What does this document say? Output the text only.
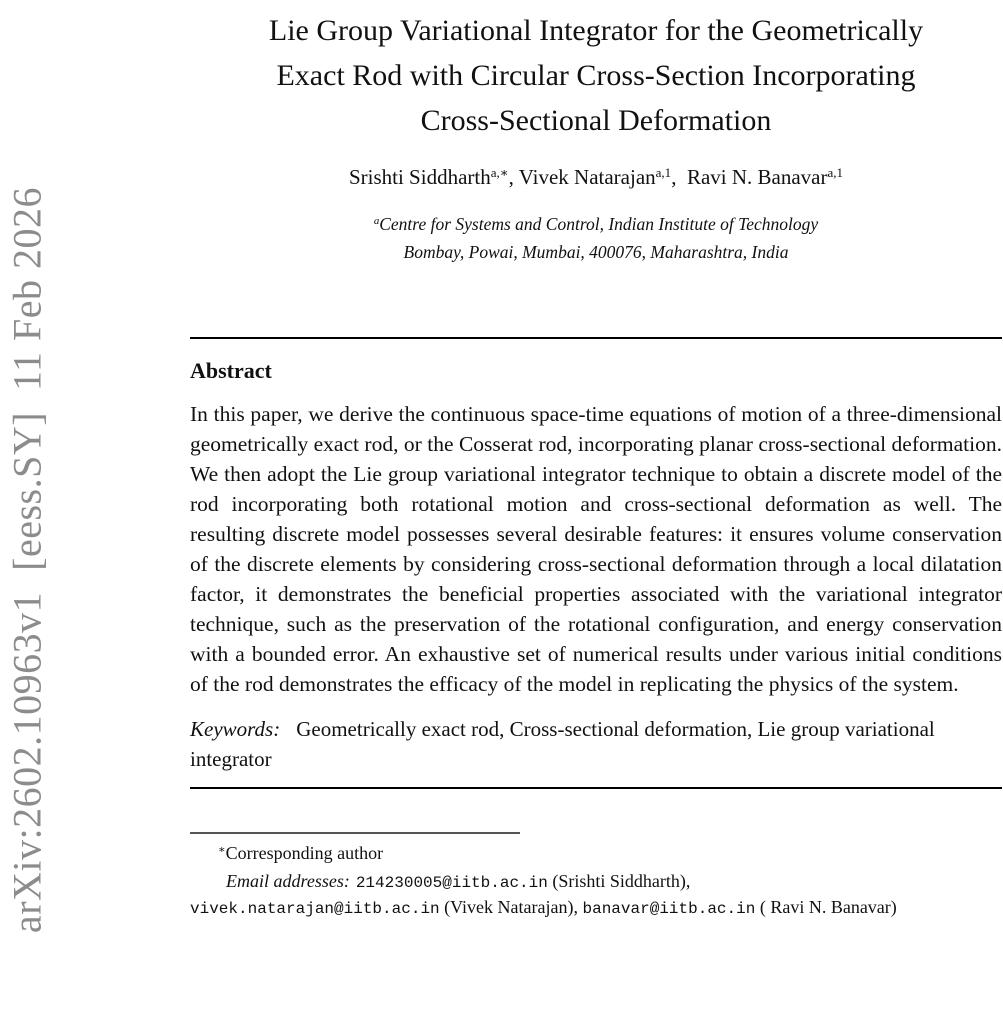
arXiv:2602.10963v1  [eess.SY]  11 Feb 2026
Lie Group Variational Integrator for the Geometrically
Exact Rod with Circular Cross-Section Incorporating
Cross-Sectional Deformation
Srishti Siddharth$^{a,∗}$, Vivek Natarajan$^{a,1}$,  Ravi N. Banavar$^{a,1}$
$^a$Centre for Systems and Control, Indian Institute of Technology
Bombay, Powai, Mumbai, 400076, Maharashtra, India
Abstract

In this paper, we derive the continuous space-time equations of motion of a three-dimensional geometrically exact rod, or the Cosserat rod, incorporating planar cross-sectional deformation. We then adopt the Lie group variational integrator technique to obtain a discrete model of the rod incorporating both rotational motion and cross-sectional deformation as well. The resulting discrete model possesses several desirable features: it ensures volume conservation of the discrete elements by considering cross-sectional deformation through a local dilatation factor, it demonstrates the beneficial properties associated with the variational integrator technique, such as the preservation of the rotational configuration, and energy conservation with a bounded error. An exhaustive set of numerical results under various initial conditions of the rod demonstrates the efficacy of the model in replicating the physics of the system.

Keywords: Geometrically exact rod, Cross-sectional deformation, Lie group variational integrator

∗Corresponding author

Email addresses: 214230005@iitb.ac.in (Srishti Siddharth),
vivek.natarajan@iitb.ac.in (Vivek Natarajan), banavar@iitb.ac.in ( Ravi N. Banavar)
